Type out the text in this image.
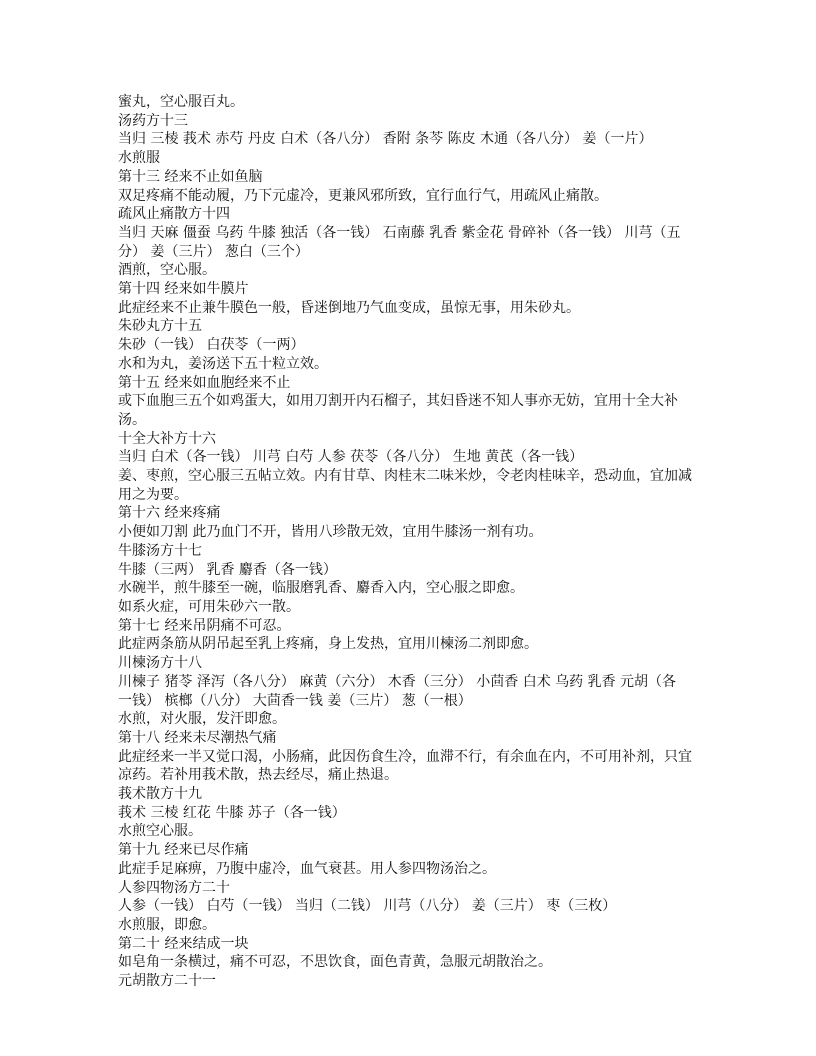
蜜丸，空心服百丸。

汤药方十三

当归 三棱 莪术 赤芍 丹皮 白术（各八分） 香附 条芩 陈皮 木通（各八分） 姜（一片）

水煎服

第十三 经来不止如鱼脑

双足疼痛不能动履，乃下元虚冷，更兼风邪所致，宜行血行气，用疏风止痛散。

疏风止痛散方十四

当归 天麻 僵蚕 乌药 牛膝 独活（各一钱） 石南藤 乳香 紫金花 骨碎补（各一钱） 川芎（五

分） 姜（三片） 葱白（三个）

酒煎，空心服。

第十四 经来如牛膜片

此症经来不止兼牛膜色一般，昏迷倒地乃气血变成，虽惊无事，用朱砂丸。

朱砂丸方十五

朱砂（一钱） 白茯苓（一两）

水和为丸，姜汤送下五十粒立效。

第十五 经来如血胞经来不止

或下血胞三五个如鸡蛋大，如用刀割开内石榴子，其妇昏迷不知人事亦无妨，宜用十全大补汤。

十全大补方十六

当归 白术（各一钱） 川芎 白芍 人参 茯苓（各八分） 生地 黄芪（各一钱）

姜、枣煎，空心服三五帖立效。内有甘草、肉桂末二味米炒，令老肉桂味辛，恐动血，宜加减

用之为要。

第十六 经来疼痛

小便如刀割 此乃血门不开，皆用八珍散无效，宜用牛膝汤一剂有功。

牛膝汤方十七

牛膝（三两） 乳香 麝香（各一钱）

水碗半，煎牛膝至一碗，临服磨乳香、麝香入内，空心服之即愈。

如系火症，可用朱砂六一散。

第十七 经来吊阴痛不可忍。

此症两条筋从阴吊起至乳上疼痛，身上发热，宜用川楝汤二剂即愈。

川楝汤方十八

川楝子 猪苓 泽泻（各八分） 麻黄（六分） 木香（三分） 小茴香 白术 乌药 乳香 元胡（各

一钱） 槟榔（八分） 大茴香一钱 姜（三片） 葱（一根）

水煎，对火服，发汗即愈。

第十八 经来未尽潮热气痛

此症经来一半又觉口渴，小肠痛，此因伤食生冷，血滞不行，有余血在内，不可用补剂，只宜

凉药。若补用莪术散，热去经尽，痛止热退。

莪术散方十九

莪术 三棱 红花 牛膝 苏子（各一钱）

水煎空心服。

第十九 经来已尽作痛

此症手足麻痹，乃腹中虚冷，血气衰甚。用人参四物汤治之。

人参四物汤方二十

人参（一钱） 白芍（一钱） 当归（二钱） 川芎（八分） 姜（三片） 枣（三枚）

水煎服，即愈。

第二十 经来结成一块

如皂角一条横过，痛不可忍，不思饮食，面色青黄，急服元胡散治之。

元胡散方二十一
